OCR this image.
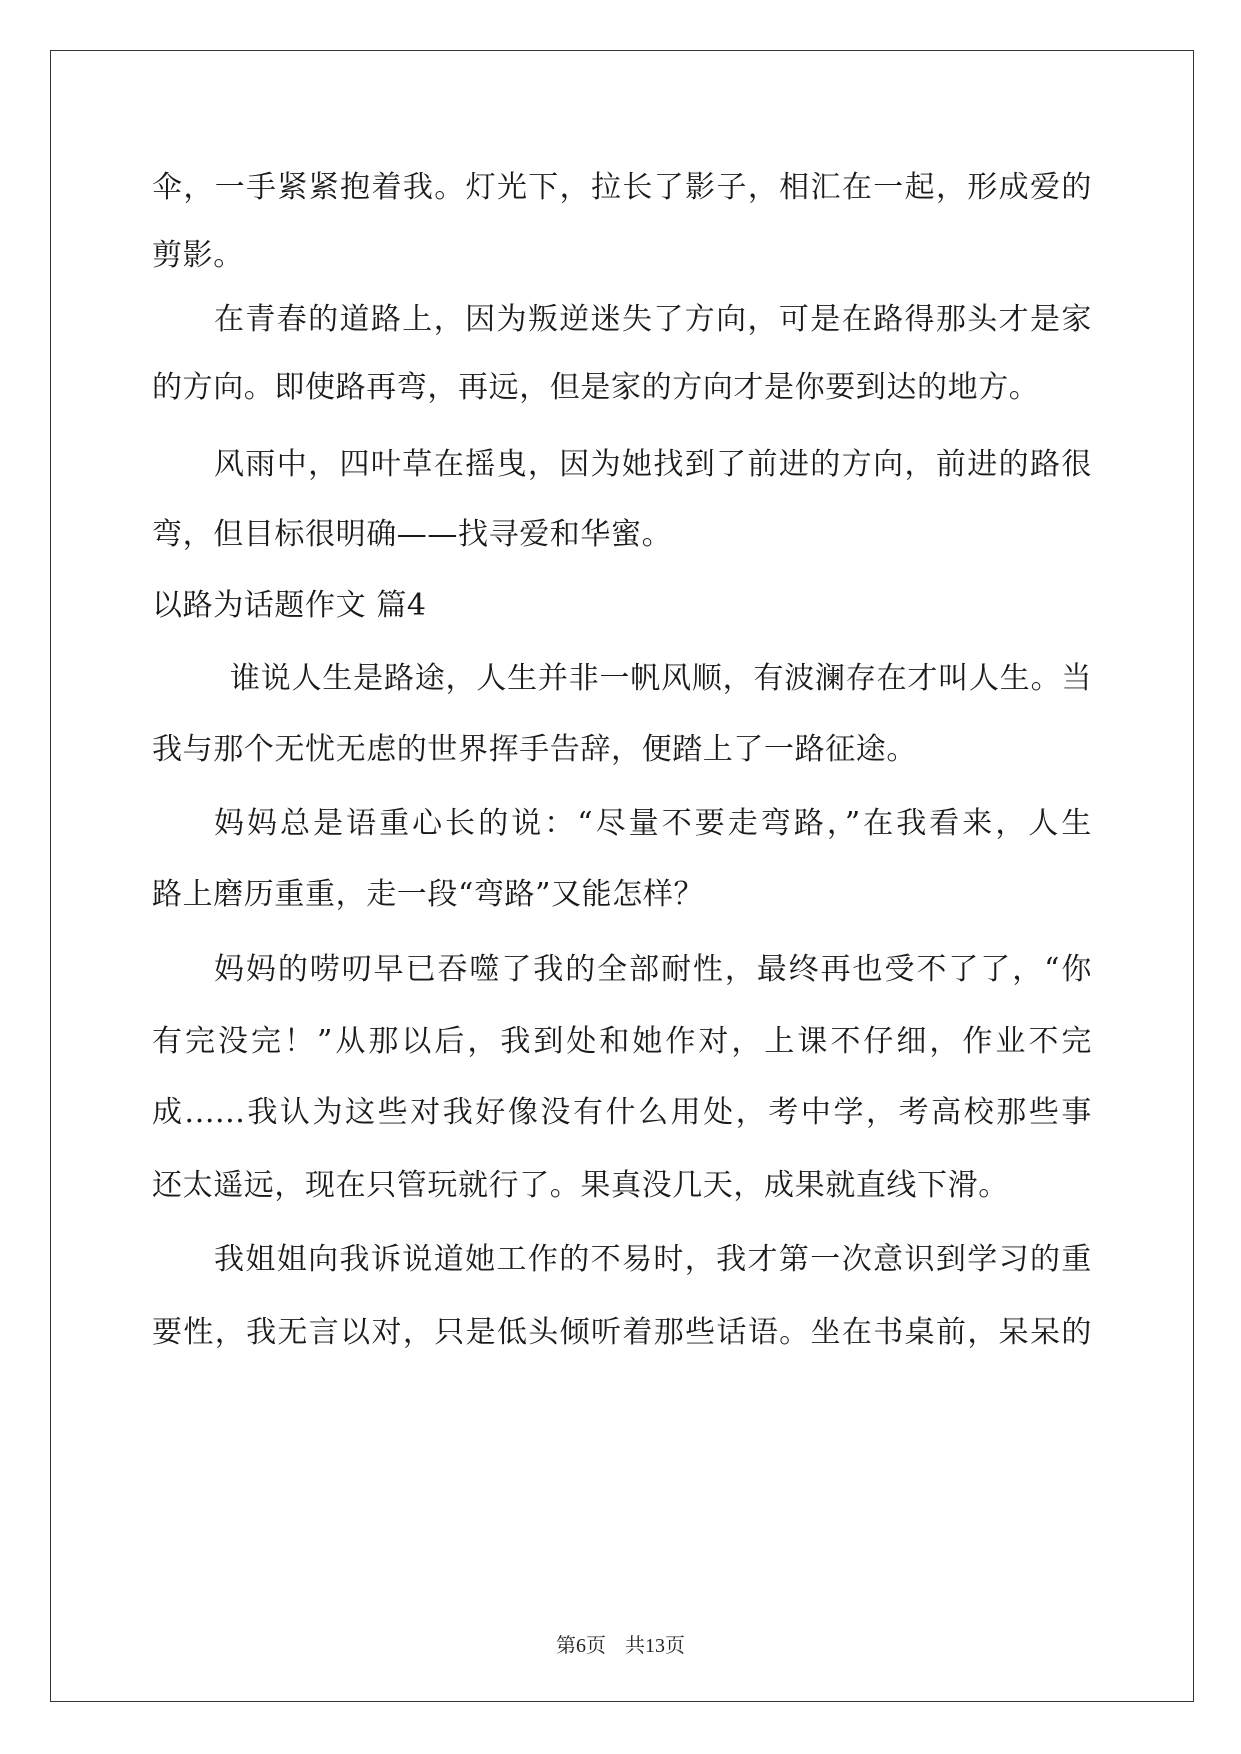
伞，一手紧紧抱着我。灯光下，拉长了影子，相汇在一起，形成爱的
剪影。
在青春的道路上，因为叛逆迷失了方向，可是在路得那头才是家
的方向。即使路再弯，再远，但是家的方向才是你要到达的地方。
风雨中，四叶草在摇曳，因为她找到了前进的方向，前进的路很
弯，但目标很明确——找寻爱和华蜜。
以路为话题作文 篇4
谁说人生是路途，人生并非一帆风顺，有波澜存在才叫人生。当
我与那个无忧无虑的世界挥手告辞，便踏上了一路征途。
妈妈总是语重心长的说：“尽量不要走弯路，”在我看来，人生
路上磨历重重，走一段“弯路”又能怎样？
妈妈的唠叨早已吞噬了我的全部耐性，最终再也受不了了，“你
有完没完！”从那以后，我到处和她作对，上课不仔细，作业不完
成......我认为这些对我好像没有什么用处，考中学，考高校那些事
还太遥远，现在只管玩就行了。果真没几天，成果就直线下滑。
我姐姐向我诉说道她工作的不易时，我才第一次意识到学习的重
要性，我无言以对，只是低头倾听着那些话语。坐在书桌前，呆呆的
第6页 共13页
